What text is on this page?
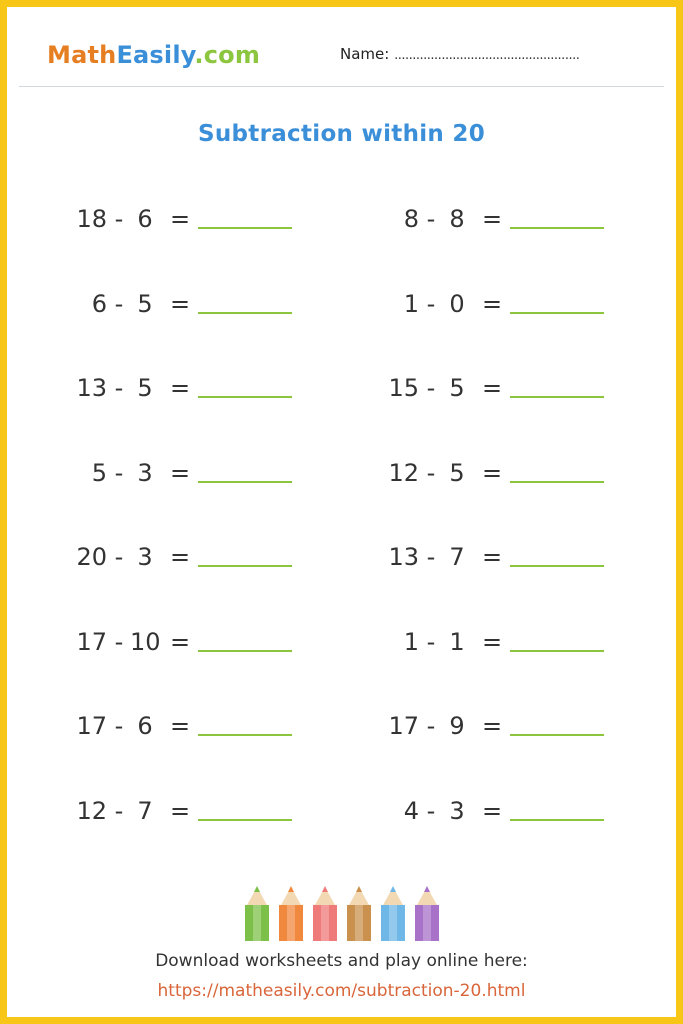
MathEasily.com	Name: ...................................................
Subtraction within 20
18 - 6 =
6 - 5 =
13 - 5 =
5 - 3 =
20 - 3 =
17 - 10 =
17 - 6 =
12 - 7 =
8 - 8 =
1 - 0 =
15 - 5 =
12 - 5 =
13 - 7 =
1 - 1 =
17 - 9 =
4 - 3 =
Download worksheets and play online here:
https://matheasily.com/subtraction-20.html
